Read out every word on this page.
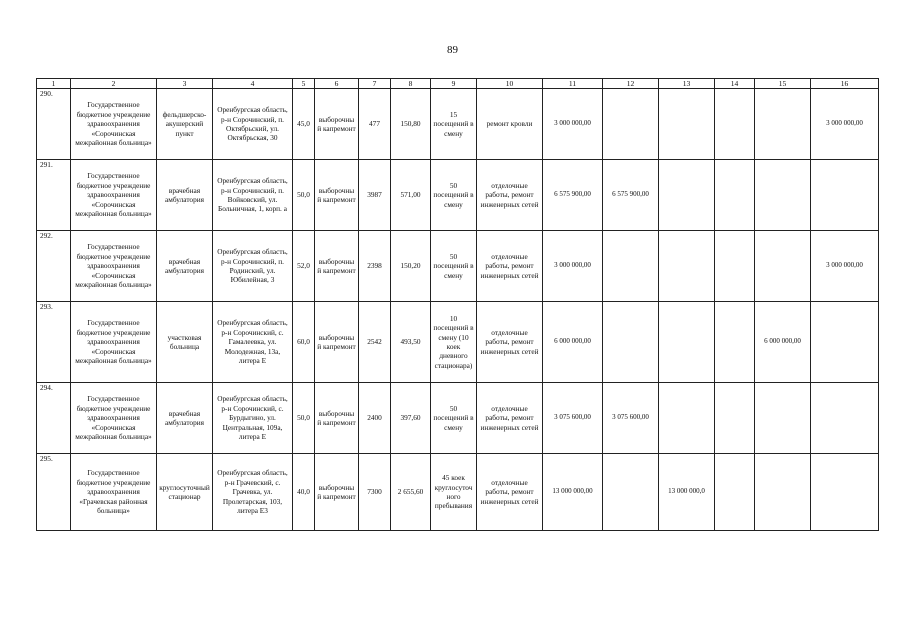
89
1	2	3	4	5	6	7	8	9	10	11	12	13	14	15	16
290.	Государственное бюджетное учреждение здравоохранения «Сорочинская межрайонная больница»	фельдшерско-акушерский пункт	Оренбургская область, р-н Сорочинский, п. Октябрьский, ул. Октябрьская, 30	45,0	выборочный капремонт	477	150,80	15 посещений в смену	ремонт кровли	3 000 000,00					3 000 000,00
291.	Государственное бюджетное учреждение здравоохранения «Сорочинская межрайонная больница»	врачебная амбулатория	Оренбургская область, р-н Сорочинский, п. Войковский, ул. Больничная, 1, корп. а	50,0	выборочный капремонт	3987	571,00	50 посещений в смену	отделочные работы, ремонт инженерных сетей	6 575 900,00	6 575 900,00				
292.	Государственное бюджетное учреждение здравоохранения «Сорочинская межрайонная больница»	врачебная амбулатория	Оренбургская область, р-н Сорочинский, п. Родинский, ул. Юбилейная, 3	52,0	выборочный капремонт	2398	150,20	50 посещений в смену	отделочные работы, ремонт инженерных сетей	3 000 000,00					3 000 000,00
293.	Государственное бюджетное учреждение здравоохранения «Сорочинская межрайонная больница»	участковая больница	Оренбургская область, р-н Сорочинский, с. Гамалеевка, ул. Молодежная, 13а, литера Е	60,0	выборочный капремонт	2542	493,50	10 посещений в смену (10 коек дневного стационара)	отделочные работы, ремонт инженерных сетей	6 000 000,00				6 000 000,00	
294.	Государственное бюджетное учреждение здравоохранения «Сорочинская межрайонная больница»	врачебная амбулатория	Оренбургская область, р-н Сорочинский, с. Бурдыгино, ул. Центральная, 109а, литера Е	50,0	выборочный капремонт	2400	397,60	50 посещений в смену	отделочные работы, ремонт инженерных сетей	3 075 600,00	3 075 600,00				
295.	Государственное бюджетное учреждение здравоохранения «Грачевская районная больница»	круглосуточный стационар	Оренбургская область, р-н Грачевский, с. Грачевка, ул. Пролетарская, 103, литера Е3	40,0	выборочный капремонт	7300	2 655,60	45 коек круглосуточного пребывания	отделочные работы, ремонт инженерных сетей	13 000 000,00		13 000 000,0			
